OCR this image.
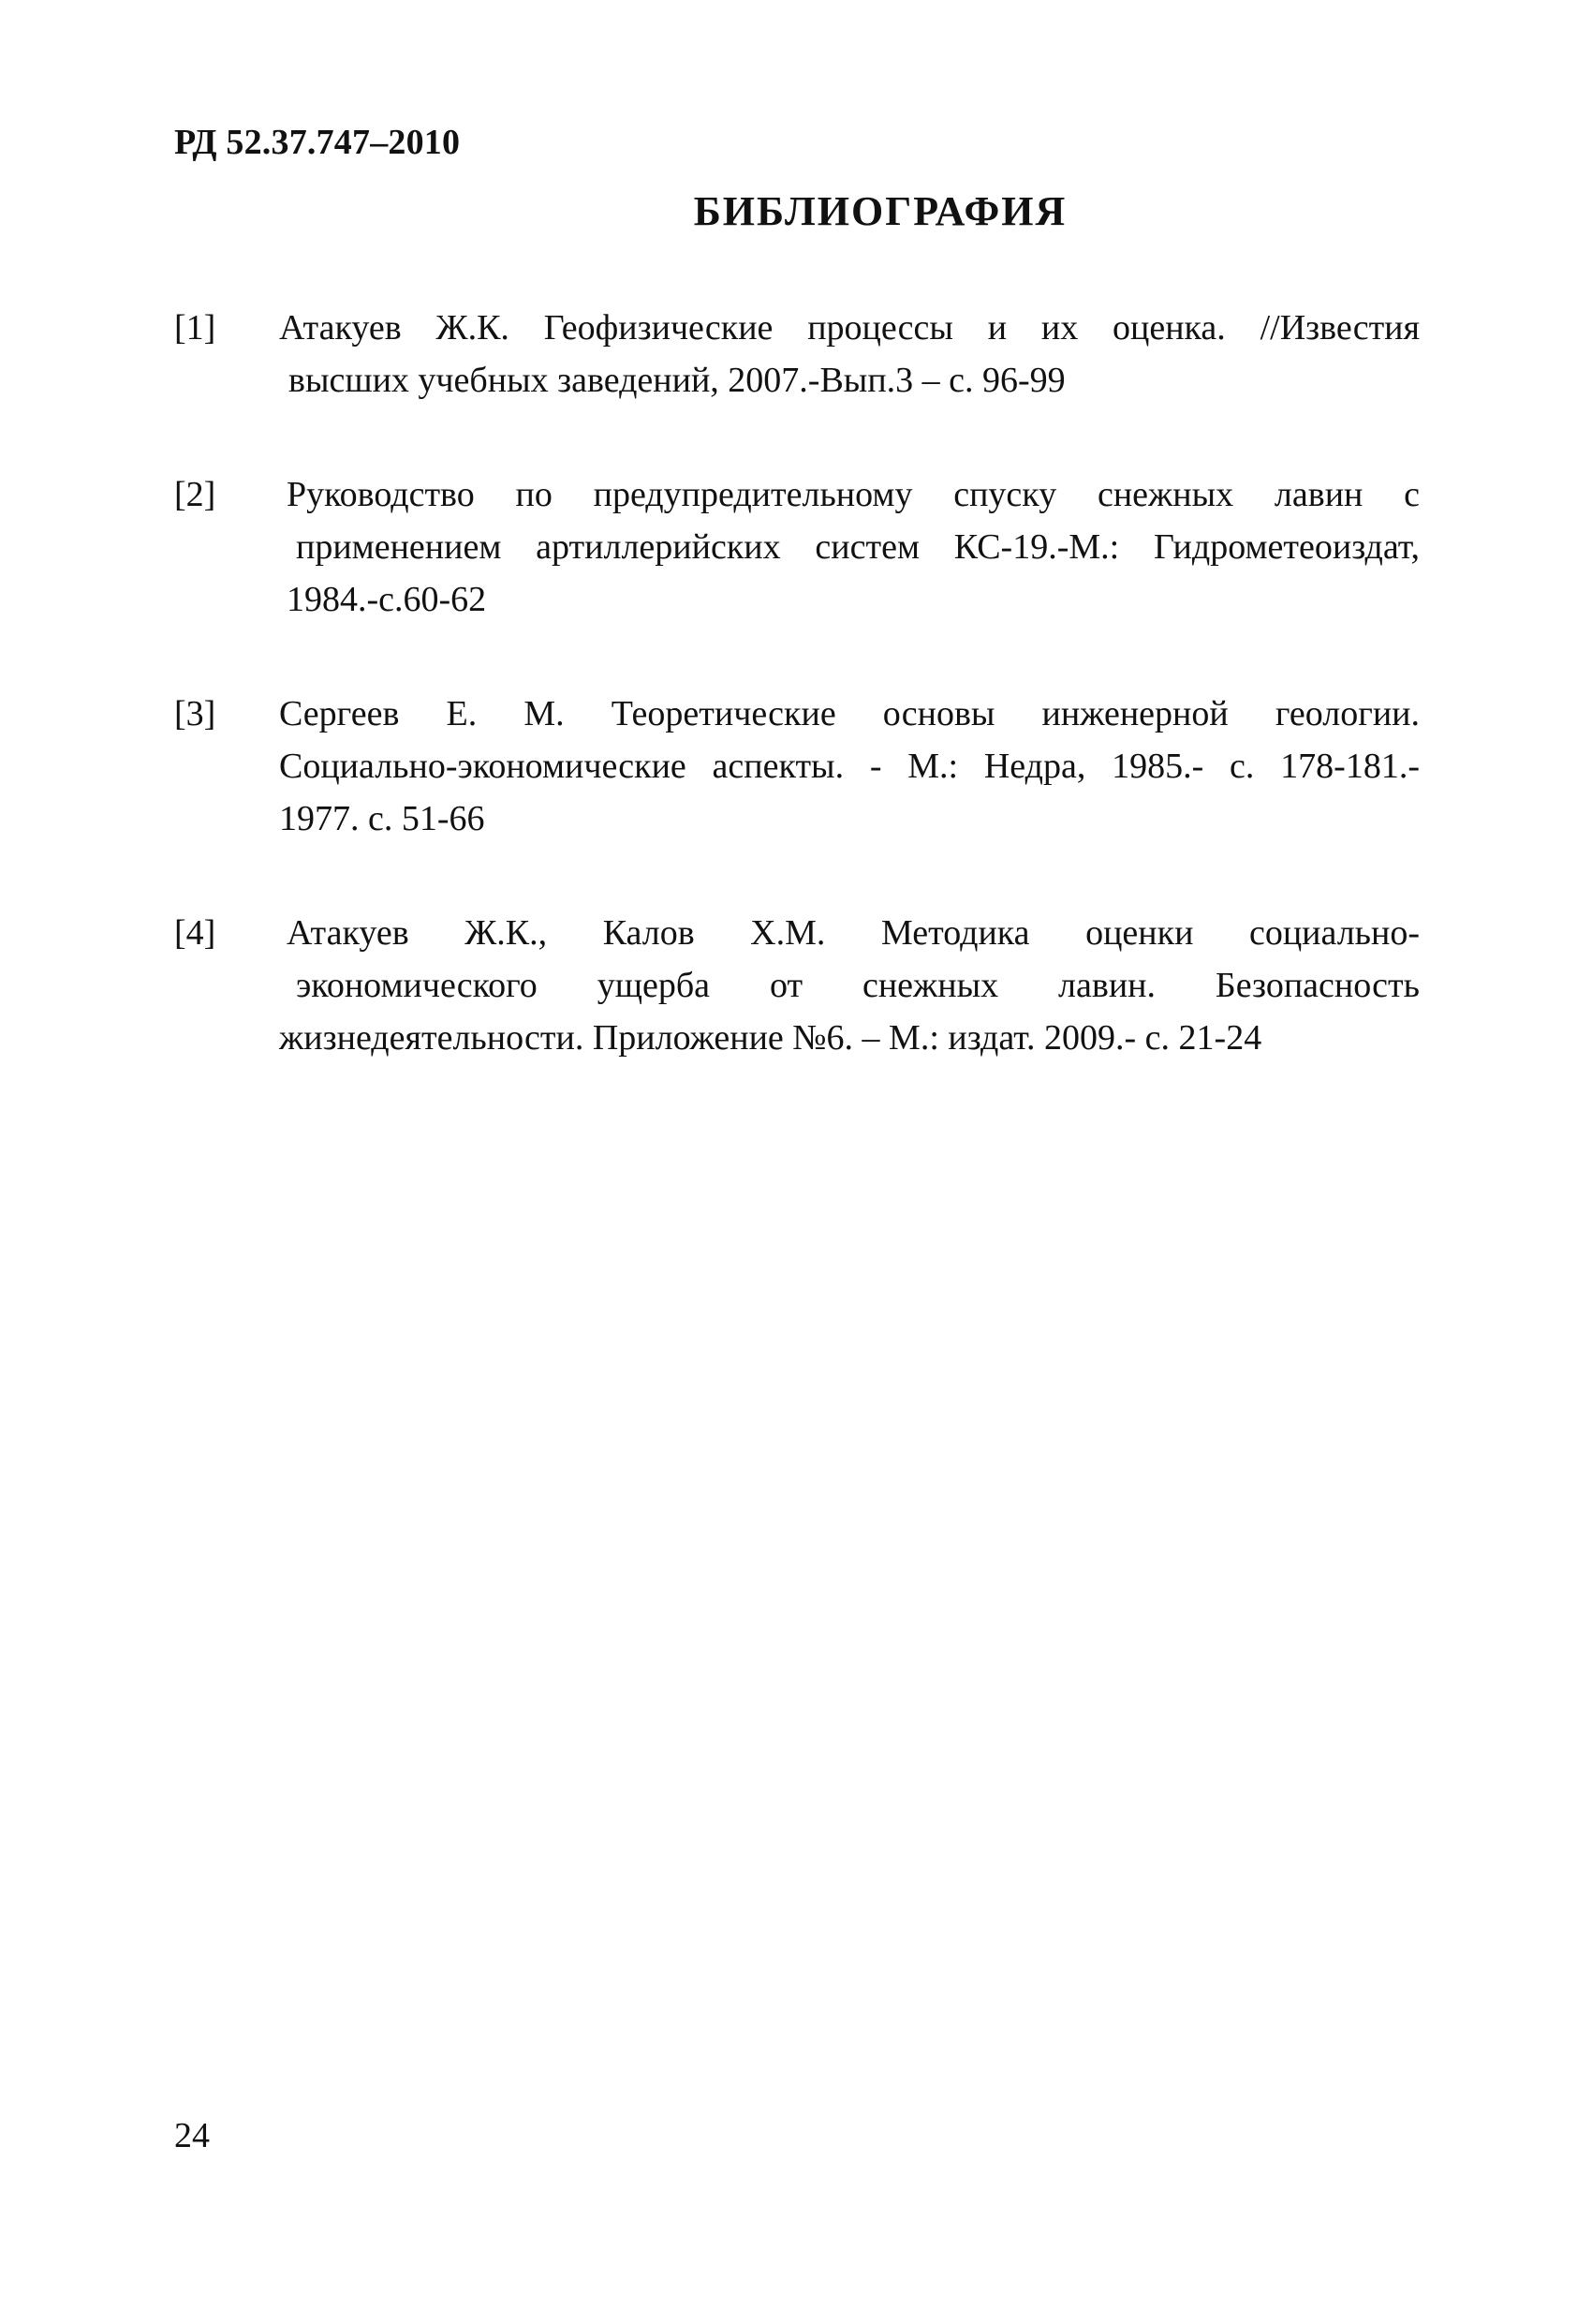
РД 52.37.747–2010
БИБЛИОГРАФИЯ
[1] Атакуев Ж.К. Геофизические процессы и их оценка. //Известия
высших учебных заведений, 2007.-Вып.3 – с. 96-99
[2] Руководство по предупредительному спуску снежных лавин с
применением артиллерийских систем КС-19.-М.: Гидрометеоиздат,
1984.-с.60-62
[3] Сергеев Е. М. Теоретические основы инженерной геологии.
Социально-экономические аспекты. - М.: Недра, 1985.- с. 178-181.-
1977. с. 51-66
[4] Атакуев Ж.К., Калов Х.М. Методика оценки социально-
экономического ущерба от снежных лавин. Безопасность
жизнедеятельности. Приложение №6. – М.: издат. 2009.- с. 21-24
24
